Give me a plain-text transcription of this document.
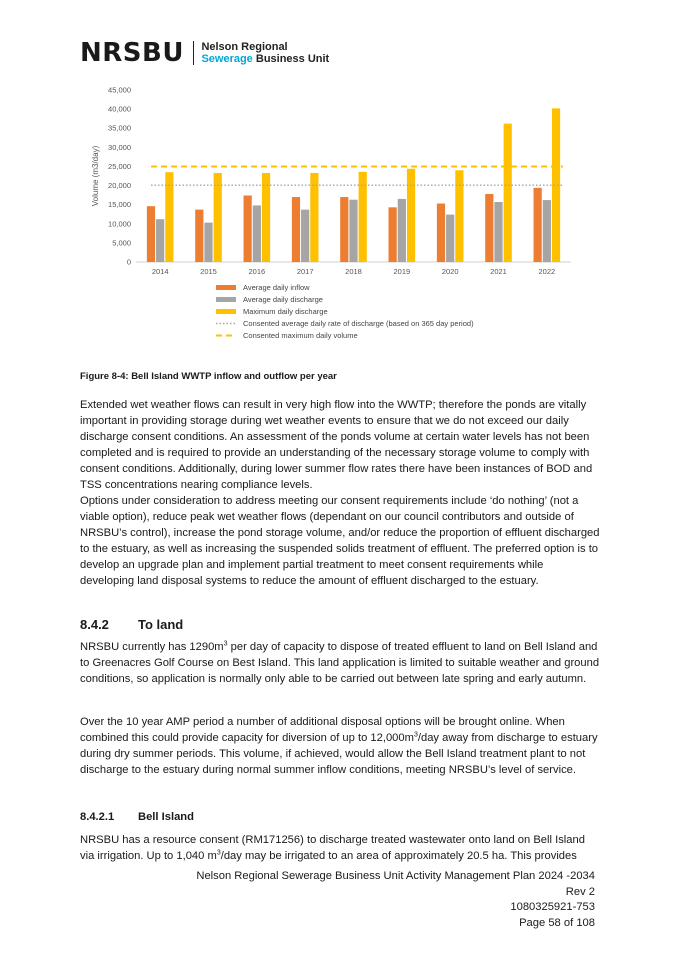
NRSBU Nelson Regional
Sewerage Business Unit
0
5,000
10,000
15,000
20,000
25,000
30,000
35,000
40,000
45,000
Volume (m3/day)
2014	2015	2016	2017	2018	2019	2020	2021	2022
Average daily inflow
Average daily discharge
Maximum daily discharge
Consented average daily rate of discharge (based on 365 day period)
Consented maximum daily volume
Figure 8-4: Bell Island WWTP inflow and outflow per year

Extended wet weather flows can result in very high flow into the WWTP; therefore the ponds are vitally important in providing storage during wet weather events to ensure that we do not exceed our daily discharge consent conditions. An assessment of the ponds volume at certain water levels has not been completed and is required to provide an understanding of the necessary storage volume to comply with consent conditions. Additionally, during lower summer flow rates there have been instances of BOD and TSS concentrations nearing compliance levels.

Options under consideration to address meeting our consent requirements include ‘do nothing’ (not a viable option), reduce peak wet weather flows (dependant on our council contributors and outside of NRSBU’s control), increase the pond storage volume, and/or reduce the proportion of effluent discharged to the estuary, as well as increasing the suspended solids treatment of effluent. The preferred option is to develop an upgrade plan and implement partial treatment to meet consent requirements while developing land disposal systems to reduce the amount of effluent discharged to the estuary.

8.4.2 To land

NRSBU currently has $1290m^3$ per day of capacity to dispose of treated effluent to land on Bell Island and to Greenacres Golf Course on Best Island. This land application is limited to suitable weather and ground conditions, so application is normally only able to be carried out between late spring and early autumn.

Over the 10 year AMP period a number of additional disposal options will be brought online. When combined this could provide capacity for diversion of up to $12,000m^3$/day away from discharge to estuary during dry summer periods. This volume, if achieved, would allow the Bell Island treatment plant to not discharge to the estuary during normal summer inflow conditions, meeting NRSBU’s level of service.

8.4.2.1 Bell Island

NRSBU has a resource consent (RM171256) to discharge treated wastewater onto land on Bell Island via irrigation. Up to 1,040 $m^3$/day may be irrigated to an area of approximately 20.5 ha. This provides

Nelson Regional Sewerage Business Unit Activity Management Plan 2024 -2034
Rev 2
1080325921-753
Page 58 of 108
